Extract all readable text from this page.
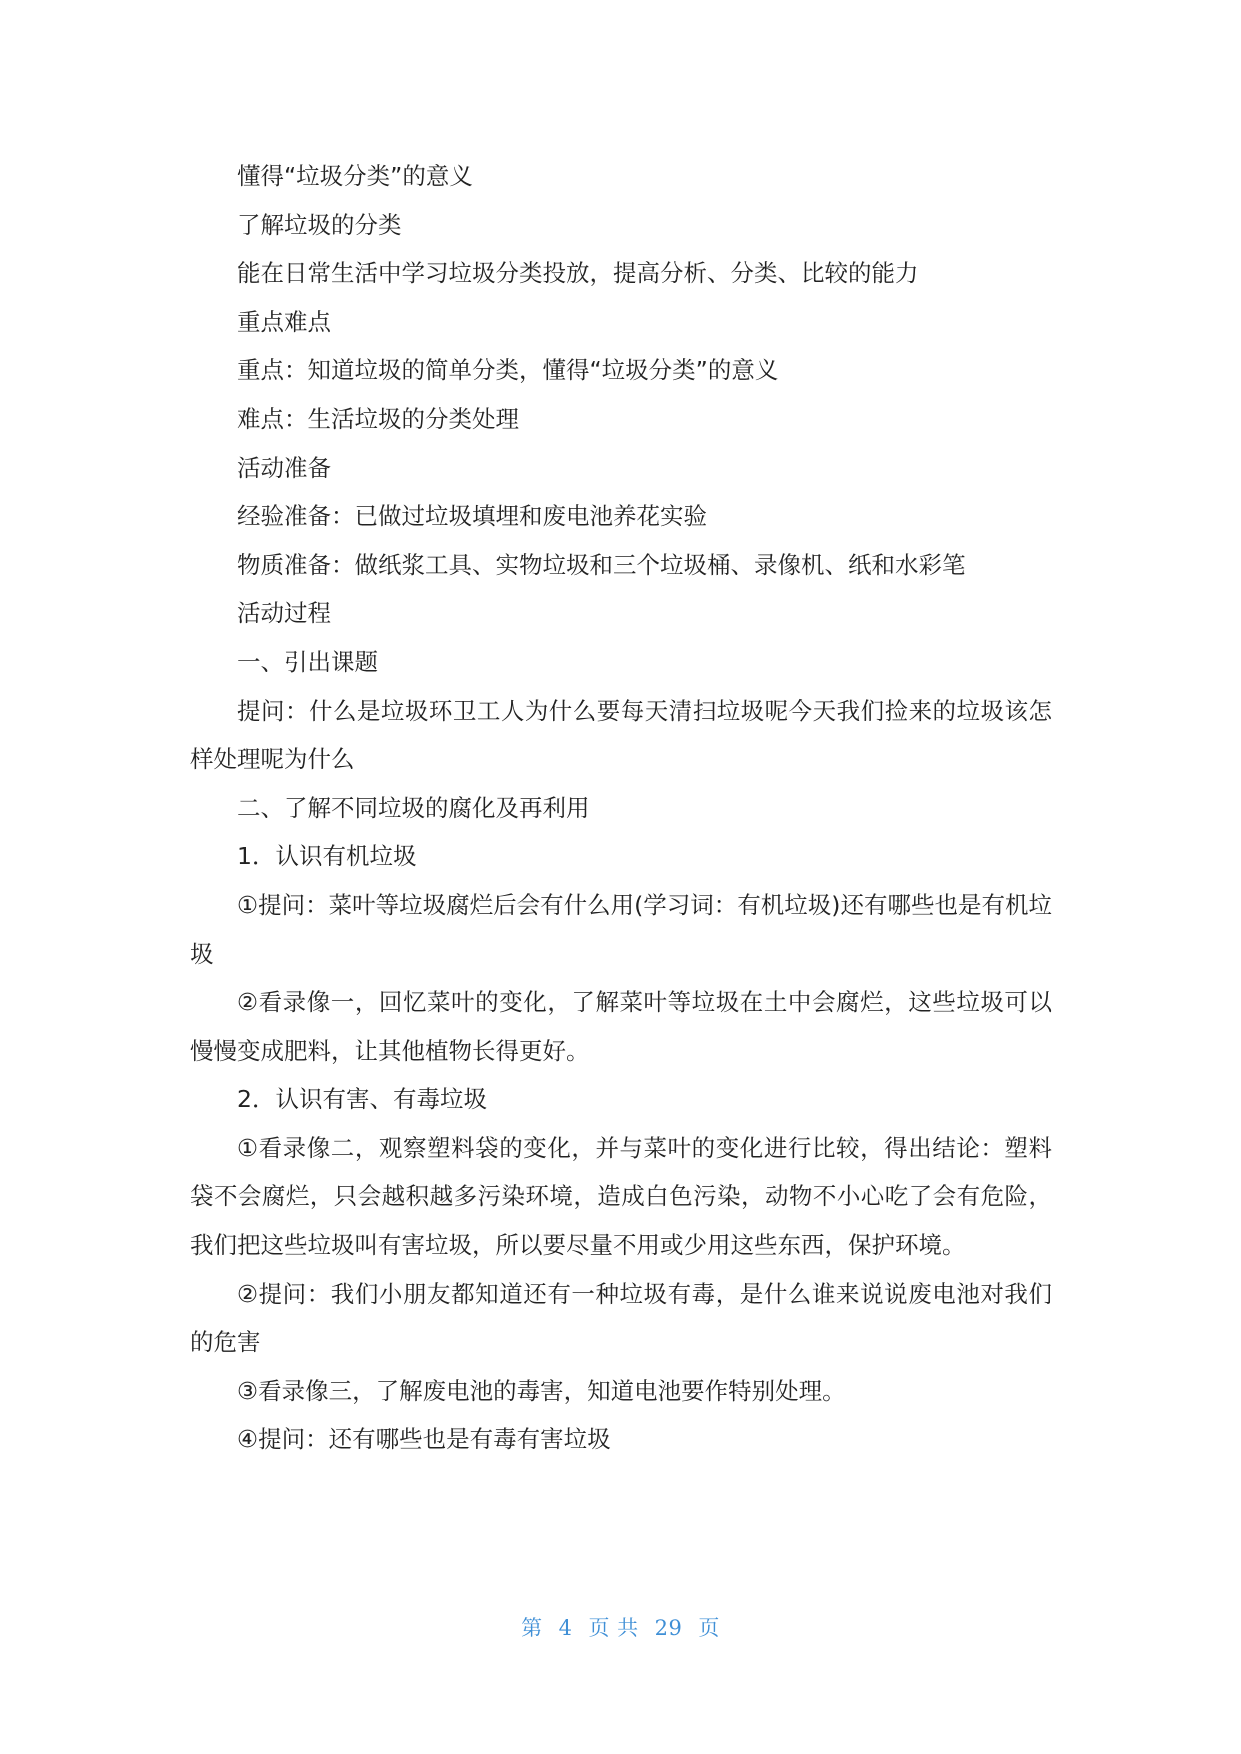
懂得“垃圾分类”的意义

了解垃圾的分类

能在日常生活中学习垃圾分类投放，提高分析、分类、比较的能力

重点难点

重点：知道垃圾的简单分类，懂得“垃圾分类”的意义

难点：生活垃圾的分类处理

活动准备

经验准备：已做过垃圾填埋和废电池养花实验

物质准备：做纸浆工具、实物垃圾和三个垃圾桶、录像机、纸和水彩笔

活动过程

一、引出课题

提问：什么是垃圾环卫工人为什么要每天清扫垃圾呢今天我们捡来的垃圾该怎样处理呢为什么

二、了解不同垃圾的腐化及再利用

1．认识有机垃圾

①提问：菜叶等垃圾腐烂后会有什么用(学习词：有机垃圾)还有哪些也是有机垃圾

②看录像一，回忆菜叶的变化，了解菜叶等垃圾在土中会腐烂，这些垃圾可以慢慢变成肥料，让其他植物长得更好。

2．认识有害、有毒垃圾

①看录像二，观察塑料袋的变化，并与菜叶的变化进行比较，得出结论：塑料袋不会腐烂，只会越积越多污染环境，造成白色污染，动物不小心吃了会有危险，我们把这些垃圾叫有害垃圾，所以要尽量不用或少用这些东西，保护环境。

②提问：我们小朋友都知道还有一种垃圾有毒，是什么谁来说说废电池对我们的危害

③看录像三，了解废电池的毒害，知道电池要作特别处理。

④提问：还有哪些也是有毒有害垃圾

第 4 页 共 29 页
